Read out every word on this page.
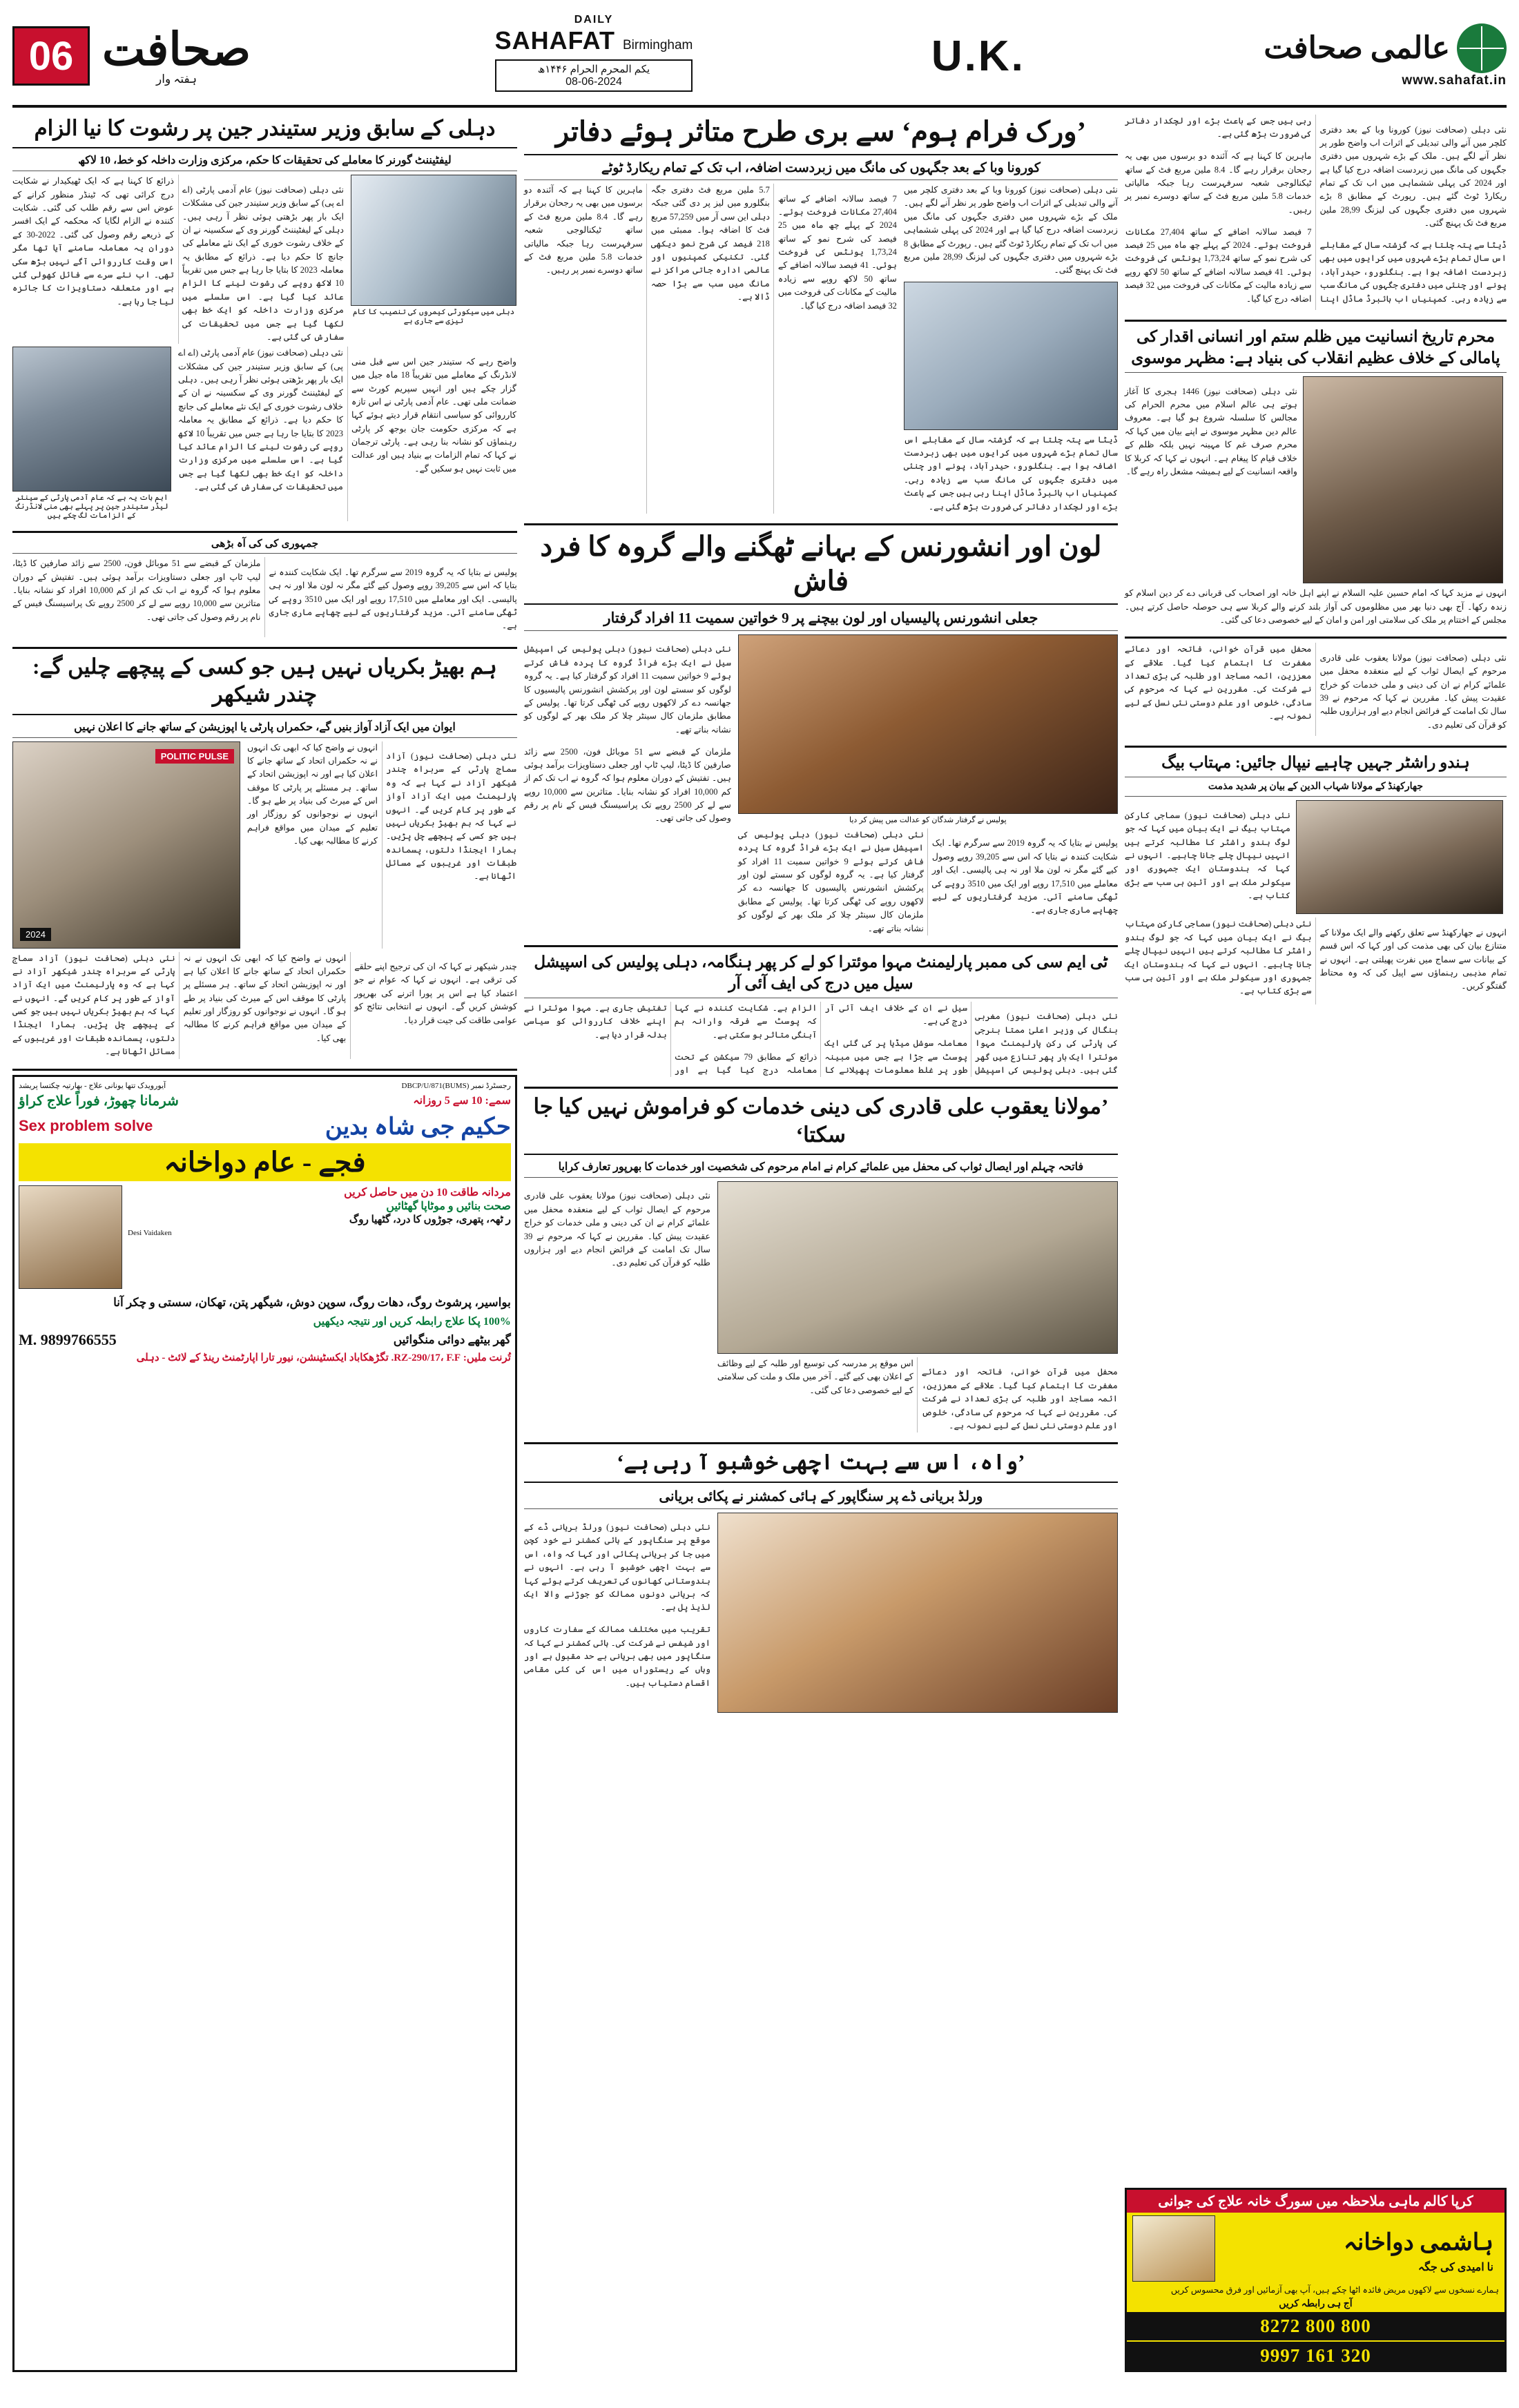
06 صحافت
ہفتہ وار
DAILY
SAHAFAT Birmingham
یکم المحرم الحرام ۱۴۴۶ھ
08-06-2024
U.K.	عالمی صحافت
www.sahafat.in
دہلی کے سابق وزیر ستیندر جین پر رشوت کا نیا الزام
لیفٹیننٹ گورنر کا معاملے کی تحقیقات کا حکم، مرکزی وزارت داخلہ کو خط، 10 لاکھ

نئی دہلی (صحافت نیوز) عام آدمی پارٹی (اے اے پی) کے سابق وزیر ستیندر جین کی مشکلات ایک بار پھر بڑھتی ہوئی نظر آ رہی ہیں۔ دہلی کے لیفٹیننٹ گورنر وی کے سکسینہ نے ان کے خلاف رشوت خوری کے ایک نئے معاملے کی جانچ کا حکم دیا ہے۔ ذرائع کے مطابق یہ معاملہ 2023 کا بتایا جا رہا ہے جس میں تقریباً 10 لاکھ روپے کی رشوت لینے کا الزام عائد کیا گیا ہے۔ اس سلسلے میں مرکزی وزارت داخلہ کو ایک خط بھی لکھا گیا ہے جس میں تحقیقات کی سفارش کی گئی ہے۔

ذرائع کا کہنا ہے کہ ایک ٹھیکیدار نے شکایت درج کرائی تھی کہ ٹینڈر منظور کرانے کے عوض اس سے رقم طلب کی گئی۔ شکایت کنندہ نے الزام لگایا کہ محکمہ کے ایک افسر کے ذریعے رقم وصول کی گئی۔ 2022-30 کے دوران یہ معاملہ سامنے آیا تھا مگر اس وقت کارروائی آگے نہیں بڑھ سکی تھی۔ اب نئے سرے سے فائل کھولی گئی ہے اور متعلقہ دستاویزات کا جائزہ لیا جا رہا ہے۔

دہلی میں سیکورٹی کیمروں کی تنصیب کا کام تیزی سے جاری ہے
اہم بات یہ ہے کہ عام آدمی پارٹی کے سینئر لیڈر ستیندر جین پر پہلے بھی منی لانڈرنگ کے الزامات لگ چکے ہیں

واضح رہے کہ ستیندر جین اس سے قبل منی لانڈرنگ کے معاملے میں تقریباً 18 ماہ جیل میں گزار چکے ہیں اور انہیں سپریم کورٹ سے ضمانت ملی تھی۔ عام آدمی پارٹی نے اس تازہ کارروائی کو سیاسی انتقام قرار دیتے ہوئے کہا ہے کہ مرکزی حکومت جان بوجھ کر پارٹی رہنماؤں کو نشانہ بنا رہی ہے۔ پارٹی ترجمان نے کہا کہ تمام الزامات بے بنیاد ہیں اور عدالت میں ثابت نہیں ہو سکیں گے۔

نئی دہلی (صحافت نیوز) عام آدمی پارٹی (اے اے پی) کے سابق وزیر ستیندر جین کی مشکلات ایک بار پھر بڑھتی ہوئی نظر آ رہی ہیں۔ دہلی کے لیفٹیننٹ گورنر وی کے سکسینہ نے ان کے خلاف رشوت خوری کے ایک نئے معاملے کی جانچ کا حکم دیا ہے۔ ذرائع کے مطابق یہ معاملہ 2023 کا بتایا جا رہا ہے جس میں تقریباً 10 لاکھ روپے کی رشوت لینے کا الزام عائد کیا گیا ہے۔ اس سلسلے میں مرکزی وزارت داخلہ کو ایک خط بھی لکھا گیا ہے جس میں تحقیقات کی سفارش کی گئی ہے۔

جمہوری کی کی آہ بڑھی

پولیس نے بتایا کہ یہ گروہ 2019 سے سرگرم تھا۔ ایک شکایت کنندہ نے بتایا کہ اس سے 39,205 روپے وصول کیے گئے مگر نہ لون ملا اور نہ ہی پالیسی۔ ایک اور معاملے میں 17,510 روپے اور ایک میں 3510 روپے کی ٹھگی سامنے آئی۔ مزید گرفتاریوں کے لیے چھاپے ماری جاری ہے۔

ملزمان کے قبضے سے 51 موبائل فون، 2500 سے زائد صارفین کا ڈیٹا، لیپ ٹاپ اور جعلی دستاویزات برآمد ہوئی ہیں۔ تفتیش کے دوران معلوم ہوا کہ گروہ نے اب تک کم از کم 10,000 افراد کو نشانہ بنایا۔ متاثرین سے 10,000 روپے سے لے کر 2500 روپے تک پراسیسنگ فیس کے نام پر رقم وصول کی جاتی تھی۔

ہم بھیڑ بکریاں نہیں ہیں جو کسی کے پیچھے چلیں گے: چندر شیکھر
ایوان میں ایک آزاد آواز بنیں گے، حکمراں پارٹی یا اپوزیشن کے ساتھ جانے کا اعلان نہیں
POLITIC PULSE
2024

نئی دہلی (صحافت نیوز) آزاد سماج پارٹی کے سربراہ چندر شیکھر آزاد نے کہا ہے کہ وہ پارلیمنٹ میں ایک آزاد آواز کے طور پر کام کریں گے۔ انہوں نے کہا کہ ہم بھیڑ بکریاں نہیں ہیں جو کسی کے پیچھے چل پڑیں۔ ہمارا ایجنڈا دلتوں، پسماندہ طبقات اور غریبوں کے مسائل اٹھانا ہے۔

انہوں نے واضح کیا کہ ابھی تک انہوں نے نہ حکمراں اتحاد کے ساتھ جانے کا اعلان کیا ہے اور نہ اپوزیشن اتحاد کے ساتھ۔ ہر مسئلے پر پارٹی کا موقف اس کے میرٹ کی بنیاد پر طے ہو گا۔ انہوں نے نوجوانوں کو روزگار اور تعلیم کے میدان میں مواقع فراہم کرنے کا مطالبہ بھی کیا۔

چندر شیکھر نے کہا کہ ان کی ترجیح اپنے حلقے کی ترقی ہے۔ انہوں نے کہا کہ عوام نے جو اعتماد کیا ہے اس پر پورا اترنے کی بھرپور کوشش کریں گے۔ انہوں نے انتخابی نتائج کو عوامی طاقت کی جیت قرار دیا۔

انہوں نے واضح کیا کہ ابھی تک انہوں نے نہ حکمراں اتحاد کے ساتھ جانے کا اعلان کیا ہے اور نہ اپوزیشن اتحاد کے ساتھ۔ ہر مسئلے پر پارٹی کا موقف اس کے میرٹ کی بنیاد پر طے ہو گا۔ انہوں نے نوجوانوں کو روزگار اور تعلیم کے میدان میں مواقع فراہم کرنے کا مطالبہ بھی کیا۔

نئی دہلی (صحافت نیوز) آزاد سماج پارٹی کے سربراہ چندر شیکھر آزاد نے کہا ہے کہ وہ پارلیمنٹ میں ایک آزاد آواز کے طور پر کام کریں گے۔ انہوں نے کہا کہ ہم بھیڑ بکریاں نہیں ہیں جو کسی کے پیچھے چل پڑیں۔ ہمارا ایجنڈا دلتوں، پسماندہ طبقات اور غریبوں کے مسائل اٹھانا ہے۔

رجسٹرڈ نمبر (BUMS)DBCP/U/871
آیورویدک تتھا یونانی علاج - بھارتیہ چکتسا پریشد
سمے: 10 سے 5 روزانہ
شرمانا چھوڑ، فوراً علاج کراؤ
Sex problem solve	حکیم جی شاہ بدین
فجے - عام دواخانہ
مردانہ طاقت 10 دن میں حاصل کریں
صحت بنائیں و موٹاپا گھٹائیں
ر ٹھہ، پتھری، جوڑوں کا درد، گٹھیا روگ
Desi Vaidaken
بواسیر، پرشوٹ روگ، دھات روگ، سوپن دوش، شیگھر پتن، تھکان، سستی و چکر آنا
100% پکا علاج رابطہ کریں اور نتیجہ دیکھیں
گھر بیٹھے دوائی منگوائیں
M. 9899766555
تُرنت ملیں: RZ-290/17، F.F. تگڑھکاباد ایکسٹینشن، نیور تارا اپارٹمنٹ رینڈ کے لائٹ - دہلی
’ورک فرام ہوم‘ سے بری طرح متاثر ہوئے دفاتر
کورونا وبا کے بعد جگہوں کی مانگ میں زبردست اضافہ، اب تک کے تمام ریکارڈ ٹوٹے

7 فیصد سالانہ اضافے کے ساتھ 27,404 مکانات فروخت ہوئے۔ 2024 کے پہلے چھ ماہ میں 25 فیصد کی شرح نمو کے ساتھ 1,73,24 یونٹس کی فروخت ہوئی۔ 41 فیصد سالانہ اضافے کے ساتھ 50 لاکھ روپے سے زیادہ مالیت کے مکانات کی فروخت میں 32 فیصد اضافہ درج کیا گیا۔

5.7 ملین مربع فٹ دفتری جگہ بنگلورو میں لیز پر دی گئی جبکہ دہلی این سی آر میں 57,259 مربع فٹ کا اضافہ ہوا۔ ممبئی میں 218 فیصد کی شرح نمو دیکھی گئی۔ تکنیکی کمپنیوں اور عالمی ادارہ جاتی مراکز نے مانگ میں سب سے بڑا حصہ ڈالا ہے۔

ماہرین کا کہنا ہے کہ آئندہ دو برسوں میں بھی یہ رجحان برقرار رہے گا۔ 8.4 ملین مربع فٹ کے ساتھ ٹیکنالوجی شعبہ سرفہرست رہا جبکہ مالیاتی خدمات 5.8 ملین مربع فٹ کے ساتھ دوسرے نمبر پر رہیں۔

نئی دہلی (صحافت نیوز) کورونا وبا کے بعد دفتری کلچر میں آنے والی تبدیلی کے اثرات اب واضح طور پر نظر آنے لگے ہیں۔ ملک کے بڑے شہروں میں دفتری جگہوں کی مانگ میں زبردست اضافہ درج کیا گیا ہے اور 2024 کی پہلی ششماہی میں اب تک کے تمام ریکارڈ ٹوٹ گئے ہیں۔ رپورٹ کے مطابق 8 بڑے شہروں میں دفتری جگہوں کی لیزنگ 28,99 ملین مربع فٹ تک پہنچ گئی۔
ڈیٹا سے پتہ چلتا ہے کہ گزشتہ سال کے مقابلے اس سال تمام بڑے شہروں میں کرایوں میں بھی زبردست اضافہ ہوا ہے۔ بنگلورو، حیدرآباد، پونے اور چنئی میں دفتری جگہوں کی مانگ سب سے زیادہ رہی۔ کمپنیاں اب ہائبرڈ ماڈل اپنا رہی ہیں جس کے باعث بڑے اور لچکدار دفاتر کی ضرورت بڑھ گئی ہے۔
لون اور انشورنس کے بہانے ٹھگنے والے گروہ کا فرد فاش
جعلی انشورنس پالیسیاں اور لون بیچنے پر 9 خواتین سمیت 11 افراد گرفتار

نئی دہلی (صحافت نیوز) دہلی پولیس کی اسپیشل سیل نے ایک بڑے فراڈ گروہ کا پردہ فاش کرتے ہوئے 9 خواتین سمیت 11 افراد کو گرفتار کیا ہے۔ یہ گروہ لوگوں کو سستے لون اور پرکشش انشورنس پالیسیوں کا جھانسہ دے کر لاکھوں روپے کی ٹھگی کرتا تھا۔ پولیس کے مطابق ملزمان کال سینٹر چلا کر ملک بھر کے لوگوں کو نشانہ بناتے تھے۔

ملزمان کے قبضے سے 51 موبائل فون، 2500 سے زائد صارفین کا ڈیٹا، لیپ ٹاپ اور جعلی دستاویزات برآمد ہوئی ہیں۔ تفتیش کے دوران معلوم ہوا کہ گروہ نے اب تک کم از کم 10,000 افراد کو نشانہ بنایا۔ متاثرین سے 10,000 روپے سے لے کر 2500 روپے تک پراسیسنگ فیس کے نام پر رقم وصول کی جاتی تھی۔	پولیس نے گرفتار شدگان کو عدالت میں پیش کر دیا

پولیس نے بتایا کہ یہ گروہ 2019 سے سرگرم تھا۔ ایک شکایت کنندہ نے بتایا کہ اس سے 39,205 روپے وصول کیے گئے مگر نہ لون ملا اور نہ ہی پالیسی۔ ایک اور معاملے میں 17,510 روپے اور ایک میں 3510 روپے کی ٹھگی سامنے آئی۔ مزید گرفتاریوں کے لیے چھاپے ماری جاری ہے۔

نئی دہلی (صحافت نیوز) دہلی پولیس کی اسپیشل سیل نے ایک بڑے فراڈ گروہ کا پردہ فاش کرتے ہوئے 9 خواتین سمیت 11 افراد کو گرفتار کیا ہے۔ یہ گروہ لوگوں کو سستے لون اور پرکشش انشورنس پالیسیوں کا جھانسہ دے کر لاکھوں روپے کی ٹھگی کرتا تھا۔ پولیس کے مطابق ملزمان کال سینٹر چلا کر ملک بھر کے لوگوں کو نشانہ بناتے تھے۔

ٹی ایم سی کی ممبر پارلیمنٹ مہوا موئترا کو لے کر پھر ہنگامہ، دہلی پولیس کی اسپیشل سیل میں درج کی ایف آئی آر

نئی دہلی (صحافت نیوز) مغربی بنگال کی وزیر اعلیٰ ممتا بنرجی کی پارٹی کی رکن پارلیمنٹ مہوا موئترا ایک بار پھر تنازع میں گھر گئی ہیں۔ دہلی پولیس کی اسپیشل سیل نے ان کے خلاف ایف آئی آر درج کی ہے۔

معاملہ سوشل میڈیا پر کی گئی ایک پوسٹ سے جڑا ہے جس میں مبینہ طور پر غلط معلومات پھیلانے کا الزام ہے۔ شکایت کنندہ نے کہا کہ پوسٹ سے فرقہ وارانہ ہم آہنگی متاثر ہو سکتی ہے۔

ذرائع کے مطابق 79 سیکشن کے تحت معاملہ درج کیا گیا ہے اور تفتیش جاری ہے۔ مہوا موئترا نے اپنے خلاف کارروائی کو سیاسی بدلہ قرار دیا ہے۔

’مولانا یعقوب علی قادری کی دینی خدمات کو فراموش نہیں کیا جا سکتا‘
فاتحہ چہلم اور ایصال ثواب کی محفل میں علمائے کرام نے امام مرحوم کی شخصیت اور خدمات کا بھرپور تعارف کرایا

نئی دہلی (صحافت نیوز) مولانا یعقوب علی قادری مرحوم کے ایصال ثواب کے لیے منعقدہ محفل میں علمائے کرام نے ان کی دینی و ملی خدمات کو خراج عقیدت پیش کیا۔ مقررین نے کہا کہ مرحوم نے 39 سال تک امامت کے فرائض انجام دیے اور ہزاروں طلبہ کو قرآن کی تعلیم دی۔

محفل میں قرآن خوانی، فاتحہ اور دعائے مغفرت کا اہتمام کیا گیا۔ علاقے کے معززین، ائمہ مساجد اور طلبہ کی بڑی تعداد نے شرکت کی۔ مقررین نے کہا کہ مرحوم کی سادگی، خلوص اور علم دوستی نئی نسل کے لیے نمونہ ہے۔

اس موقع پر مدرسہ کی توسیع اور طلبہ کے لیے وظائف کے اعلان بھی کیے گئے۔ آخر میں ملک و ملت کی سلامتی کے لیے خصوصی دعا کی گئی۔

’واہ، اس سے بہت اچھی خوشبو آ رہی ہے‘
ورلڈ بریانی ڈے پر سنگاپور کے ہائی کمشنر نے پکائی بریانی

نئی دہلی (صحافت نیوز) ورلڈ بریانی ڈے کے موقع پر سنگاپور کے ہائی کمشنر نے خود کچن میں جا کر بریانی پکائی اور کہا کہ واہ، اس سے بہت اچھی خوشبو آ رہی ہے۔ انہوں نے ہندوستانی کھانوں کی تعریف کرتے ہوئے کہا کہ بریانی دونوں ممالک کو جوڑنے والا ایک لذیذ پل ہے۔

تقریب میں مختلف ممالک کے سفارت کاروں اور شیفس نے شرکت کی۔ ہائی کمشنر نے کہا کہ سنگاپور میں بھی بریانی بے حد مقبول ہے اور وہاں کے ریستوراں میں اس کی کئی مقامی اقسام دستیاب ہیں۔

نئی دہلی (صحافت نیوز) کورونا وبا کے بعد دفتری کلچر میں آنے والی تبدیلی کے اثرات اب واضح طور پر نظر آنے لگے ہیں۔ ملک کے بڑے شہروں میں دفتری جگہوں کی مانگ میں زبردست اضافہ درج کیا گیا ہے اور 2024 کی پہلی ششماہی میں اب تک کے تمام ریکارڈ ٹوٹ گئے ہیں۔ رپورٹ کے مطابق 8 بڑے شہروں میں دفتری جگہوں کی لیزنگ 28,99 ملین مربع فٹ تک پہنچ گئی۔

ڈیٹا سے پتہ چلتا ہے کہ گزشتہ سال کے مقابلے اس سال تمام بڑے شہروں میں کرایوں میں بھی زبردست اضافہ ہوا ہے۔ بنگلورو، حیدرآباد، پونے اور چنئی میں دفتری جگہوں کی مانگ سب سے زیادہ رہی۔ کمپنیاں اب ہائبرڈ ماڈل اپنا رہی ہیں جس کے باعث بڑے اور لچکدار دفاتر کی ضرورت بڑھ گئی ہے۔

ماہرین کا کہنا ہے کہ آئندہ دو برسوں میں بھی یہ رجحان برقرار رہے گا۔ 8.4 ملین مربع فٹ کے ساتھ ٹیکنالوجی شعبہ سرفہرست رہا جبکہ مالیاتی خدمات 5.8 ملین مربع فٹ کے ساتھ دوسرے نمبر پر رہیں۔

7 فیصد سالانہ اضافے کے ساتھ 27,404 مکانات فروخت ہوئے۔ 2024 کے پہلے چھ ماہ میں 25 فیصد کی شرح نمو کے ساتھ 1,73,24 یونٹس کی فروخت ہوئی۔ 41 فیصد سالانہ اضافے کے ساتھ 50 لاکھ روپے سے زیادہ مالیت کے مکانات کی فروخت میں 32 فیصد اضافہ درج کیا گیا۔

محرم تاریخ انسانیت میں ظلم ستم اور انسانی اقدار کی پامالی کے خلاف عظیم انقلاب کی بنیاد ہے: مظہر موسوی

نئی دہلی (صحافت نیوز) 1446 ہجری کا آغاز ہوتے ہی عالم اسلام میں محرم الحرام کی مجالس کا سلسلہ شروع ہو گیا ہے۔ معروف عالم دین مظہر موسوی نے اپنے بیان میں کہا کہ محرم صرف غم کا مہینہ نہیں بلکہ ظلم کے خلاف قیام کا پیغام ہے۔ انہوں نے کہا کہ کربلا کا واقعہ انسانیت کے لیے ہمیشہ مشعل راہ رہے گا۔

انہوں نے مزید کہا کہ امام حسین علیہ السلام نے اپنے اہل خانہ اور اصحاب کی قربانی دے کر دین اسلام کو زندہ رکھا۔ آج بھی دنیا بھر میں مظلوموں کی آواز بلند کرنے والے کربلا سے ہی حوصلہ حاصل کرتے ہیں۔ مجلس کے اختتام پر ملک کی سلامتی اور امن و امان کے لیے خصوصی دعا کی گئی۔

نئی دہلی (صحافت نیوز) مولانا یعقوب علی قادری مرحوم کے ایصال ثواب کے لیے منعقدہ محفل میں علمائے کرام نے ان کی دینی و ملی خدمات کو خراج عقیدت پیش کیا۔ مقررین نے کہا کہ مرحوم نے 39 سال تک امامت کے فرائض انجام دیے اور ہزاروں طلبہ کو قرآن کی تعلیم دی۔

محفل میں قرآن خوانی، فاتحہ اور دعائے مغفرت کا اہتمام کیا گیا۔ علاقے کے معززین، ائمہ مساجد اور طلبہ کی بڑی تعداد نے شرکت کی۔ مقررین نے کہا کہ مرحوم کی سادگی، خلوص اور علم دوستی نئی نسل کے لیے نمونہ ہے۔

ہندو راشٹر جہیں چاہیے نیپال جائیں: مہتاب بیگ
جھارکھنڈ کے مولانا شہاب الدین کے بیان پر شدید مذمت

نئی دہلی (صحافت نیوز) سماجی کارکن مہتاب بیگ نے ایک بیان میں کہا کہ جو لوگ ہندو راشٹر کا مطالبہ کرتے ہیں انہیں نیپال چلے جانا چاہیے۔ انہوں نے کہا کہ ہندوستان ایک جمہوری اور سیکولر ملک ہے اور آئین ہی سب سے بڑی کتاب ہے۔

انہوں نے جھارکھنڈ سے تعلق رکھنے والے ایک مولانا کے متنازع بیان کی بھی مذمت کی اور کہا کہ اس قسم کے بیانات سے سماج میں نفرت پھیلتی ہے۔ انہوں نے تمام مذہبی رہنماؤں سے اپیل کی کہ وہ محتاط گفتگو کریں۔

نئی دہلی (صحافت نیوز) سماجی کارکن مہتاب بیگ نے ایک بیان میں کہا کہ جو لوگ ہندو راشٹر کا مطالبہ کرتے ہیں انہیں نیپال چلے جانا چاہیے۔ انہوں نے کہا کہ ہندوستان ایک جمہوری اور سیکولر ملک ہے اور آئین ہی سب سے بڑی کتاب ہے۔

کرپا کالم ماہی ملاحظہ میں سورگ خانہ علاج کی جوانی
ہاشمی دواخانہ
نا امیدی کی جگہ
ہمارے نسخوں سے لاکھوں مریض فائدہ اٹھا چکے ہیں، آپ بھی آزمائیں اور فرق محسوس کریں
آج ہی رابطہ کریں
8272 800 800
9997 161 320
